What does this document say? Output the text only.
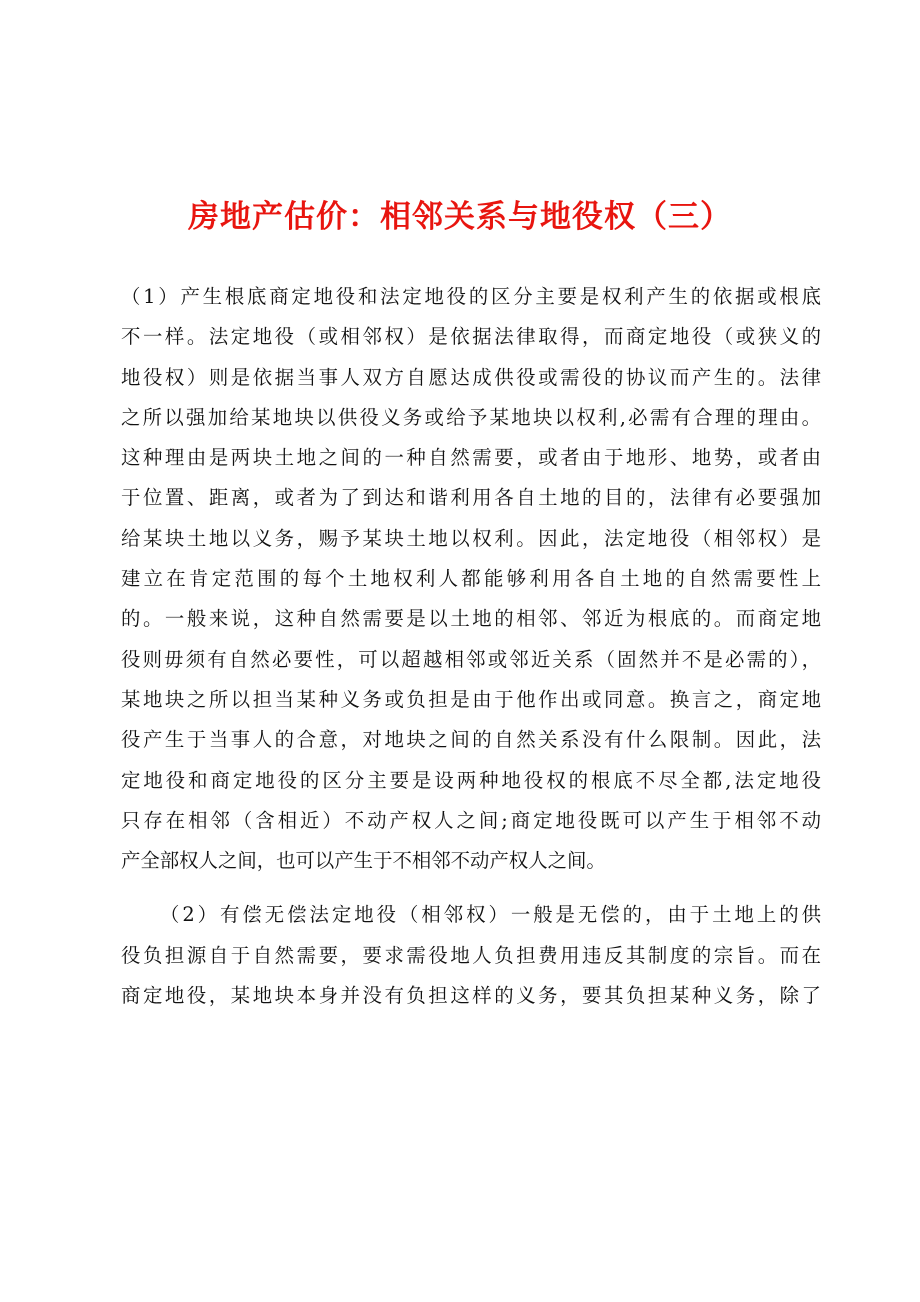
房地产估价：相邻关系与地役权（三）

（1）产生根底商定地役和法定地役的区分主要是权利产生的依据或根底
不一样。法定地役（或相邻权）是依据法律取得，而商定地役（或狭义的
地役权）则是依据当事人双方自愿达成供役或需役的协议而产生的。法律
之所以强加给某地块以供役义务或给予某地块以权利,必需有合理的理由。
这种理由是两块土地之间的一种自然需要，或者由于地形、地势，或者由
于位置、距离，或者为了到达和谐利用各自土地的目的，法律有必要强加
给某块土地以义务，赐予某块土地以权利。因此，法定地役（相邻权）是
建立在肯定范围的每个土地权利人都能够利用各自土地的自然需要性上
的。一般来说，这种自然需要是以土地的相邻、邻近为根底的。而商定地
役则毋须有自然必要性，可以超越相邻或邻近关系（固然并不是必需的），
某地块之所以担当某种义务或负担是由于他作出或同意。换言之，商定地
役产生于当事人的合意，对地块之间的自然关系没有什么限制。因此，法
定地役和商定地役的区分主要是设两种地役权的根底不尽全都,法定地役
只存在相邻（含相近）不动产权人之间;商定地役既可以产生于相邻不动
产全部权人之间，也可以产生于不相邻不动产权人之间。

（2）有偿无偿法定地役（相邻权）一般是无偿的，由于土地上的供
役负担源自于自然需要，要求需役地人负担费用违反其制度的宗旨。而在
商定地役，某地块本身并没有负担这样的义务，要其负担某种义务，除了
